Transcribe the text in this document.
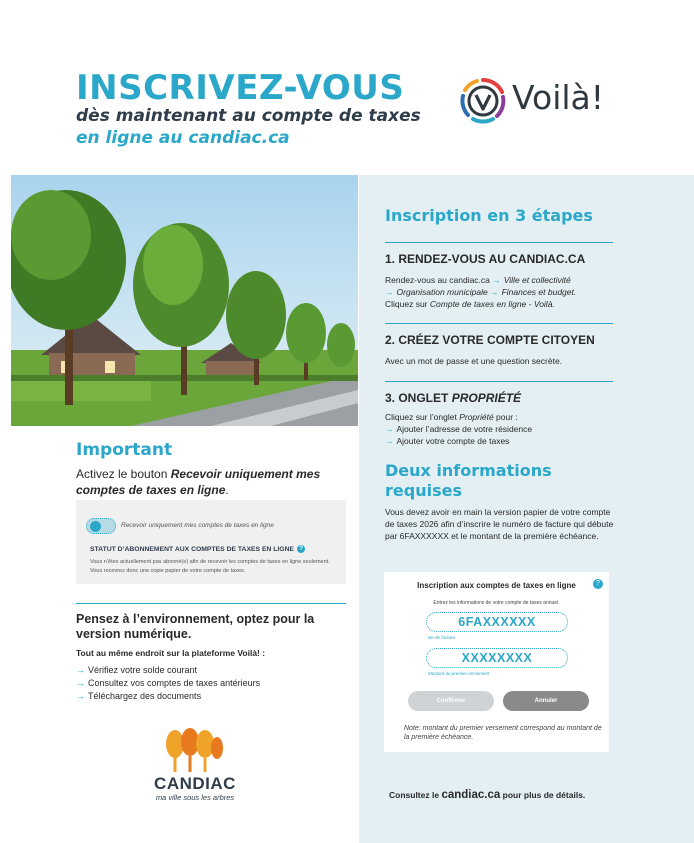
INSCRIVEZ-VOUS
dès maintenant au compte de taxes
en ligne au candiac.ca
Voilà!
Important

Activez le bouton Recevoir uniquement mes comptes de taxes en ligne.

Recevoir uniquement mes comptes de taxes en ligne
STATUT D’ABONNEMENT AUX COMPTES DE TAXES EN LIGNE ?
Vous n’êtes actuellement pas abonné(e) afin de recevoir les comptes de taxes en ligne seulement. Vous recevrez donc une copie papier de votre compte de taxes.
Pensez à l’environnement, optez pour la version numérique.
Tout au même endroit sur la plateforme Voilà! :
→ Vérifiez votre solde courant
→ Consultez vos comptes de taxes antérieurs
→ Téléchargez des documents
CANDIAC
ma ville sous les arbres
Inscription en 3 étapes
1. RENDEZ-VOUS AU CANDIAC.CA
Rendez-vous au candiac.ca → Ville et collectivité
→ Organisation municipale → Finances et budget.
Cliquez sur Compte de taxes en ligne - Voilà.
2. CRÉEZ VOTRE COMPTE CITOYEN
Avec un mot de passe et une question secrète.
3. ONGLET PROPRIÉTÉ
Cliquez sur l’onglet Propriété pour :
→ Ajouter l’adresse de votre résidence
→ Ajouter votre compte de taxes
Deux informations requises
Vous devez avoir en main la version papier de votre compte de taxes 2026 afin d’inscrire le numéro de facture qui débute par 6FAXXXXXX et le montant de la première échéance.
Inscription aux comptes de taxes en ligne	?
Entrez les informations de votre compte de taxes annuel.
6FAXXXXXX
No de facture
XXXXXXXX
Montant du premier versement
Confirmer	Annuler
Note: montant du premier versement correspond au montant de la première échéance.
Consultez le candiac.ca pour plus de détails.
